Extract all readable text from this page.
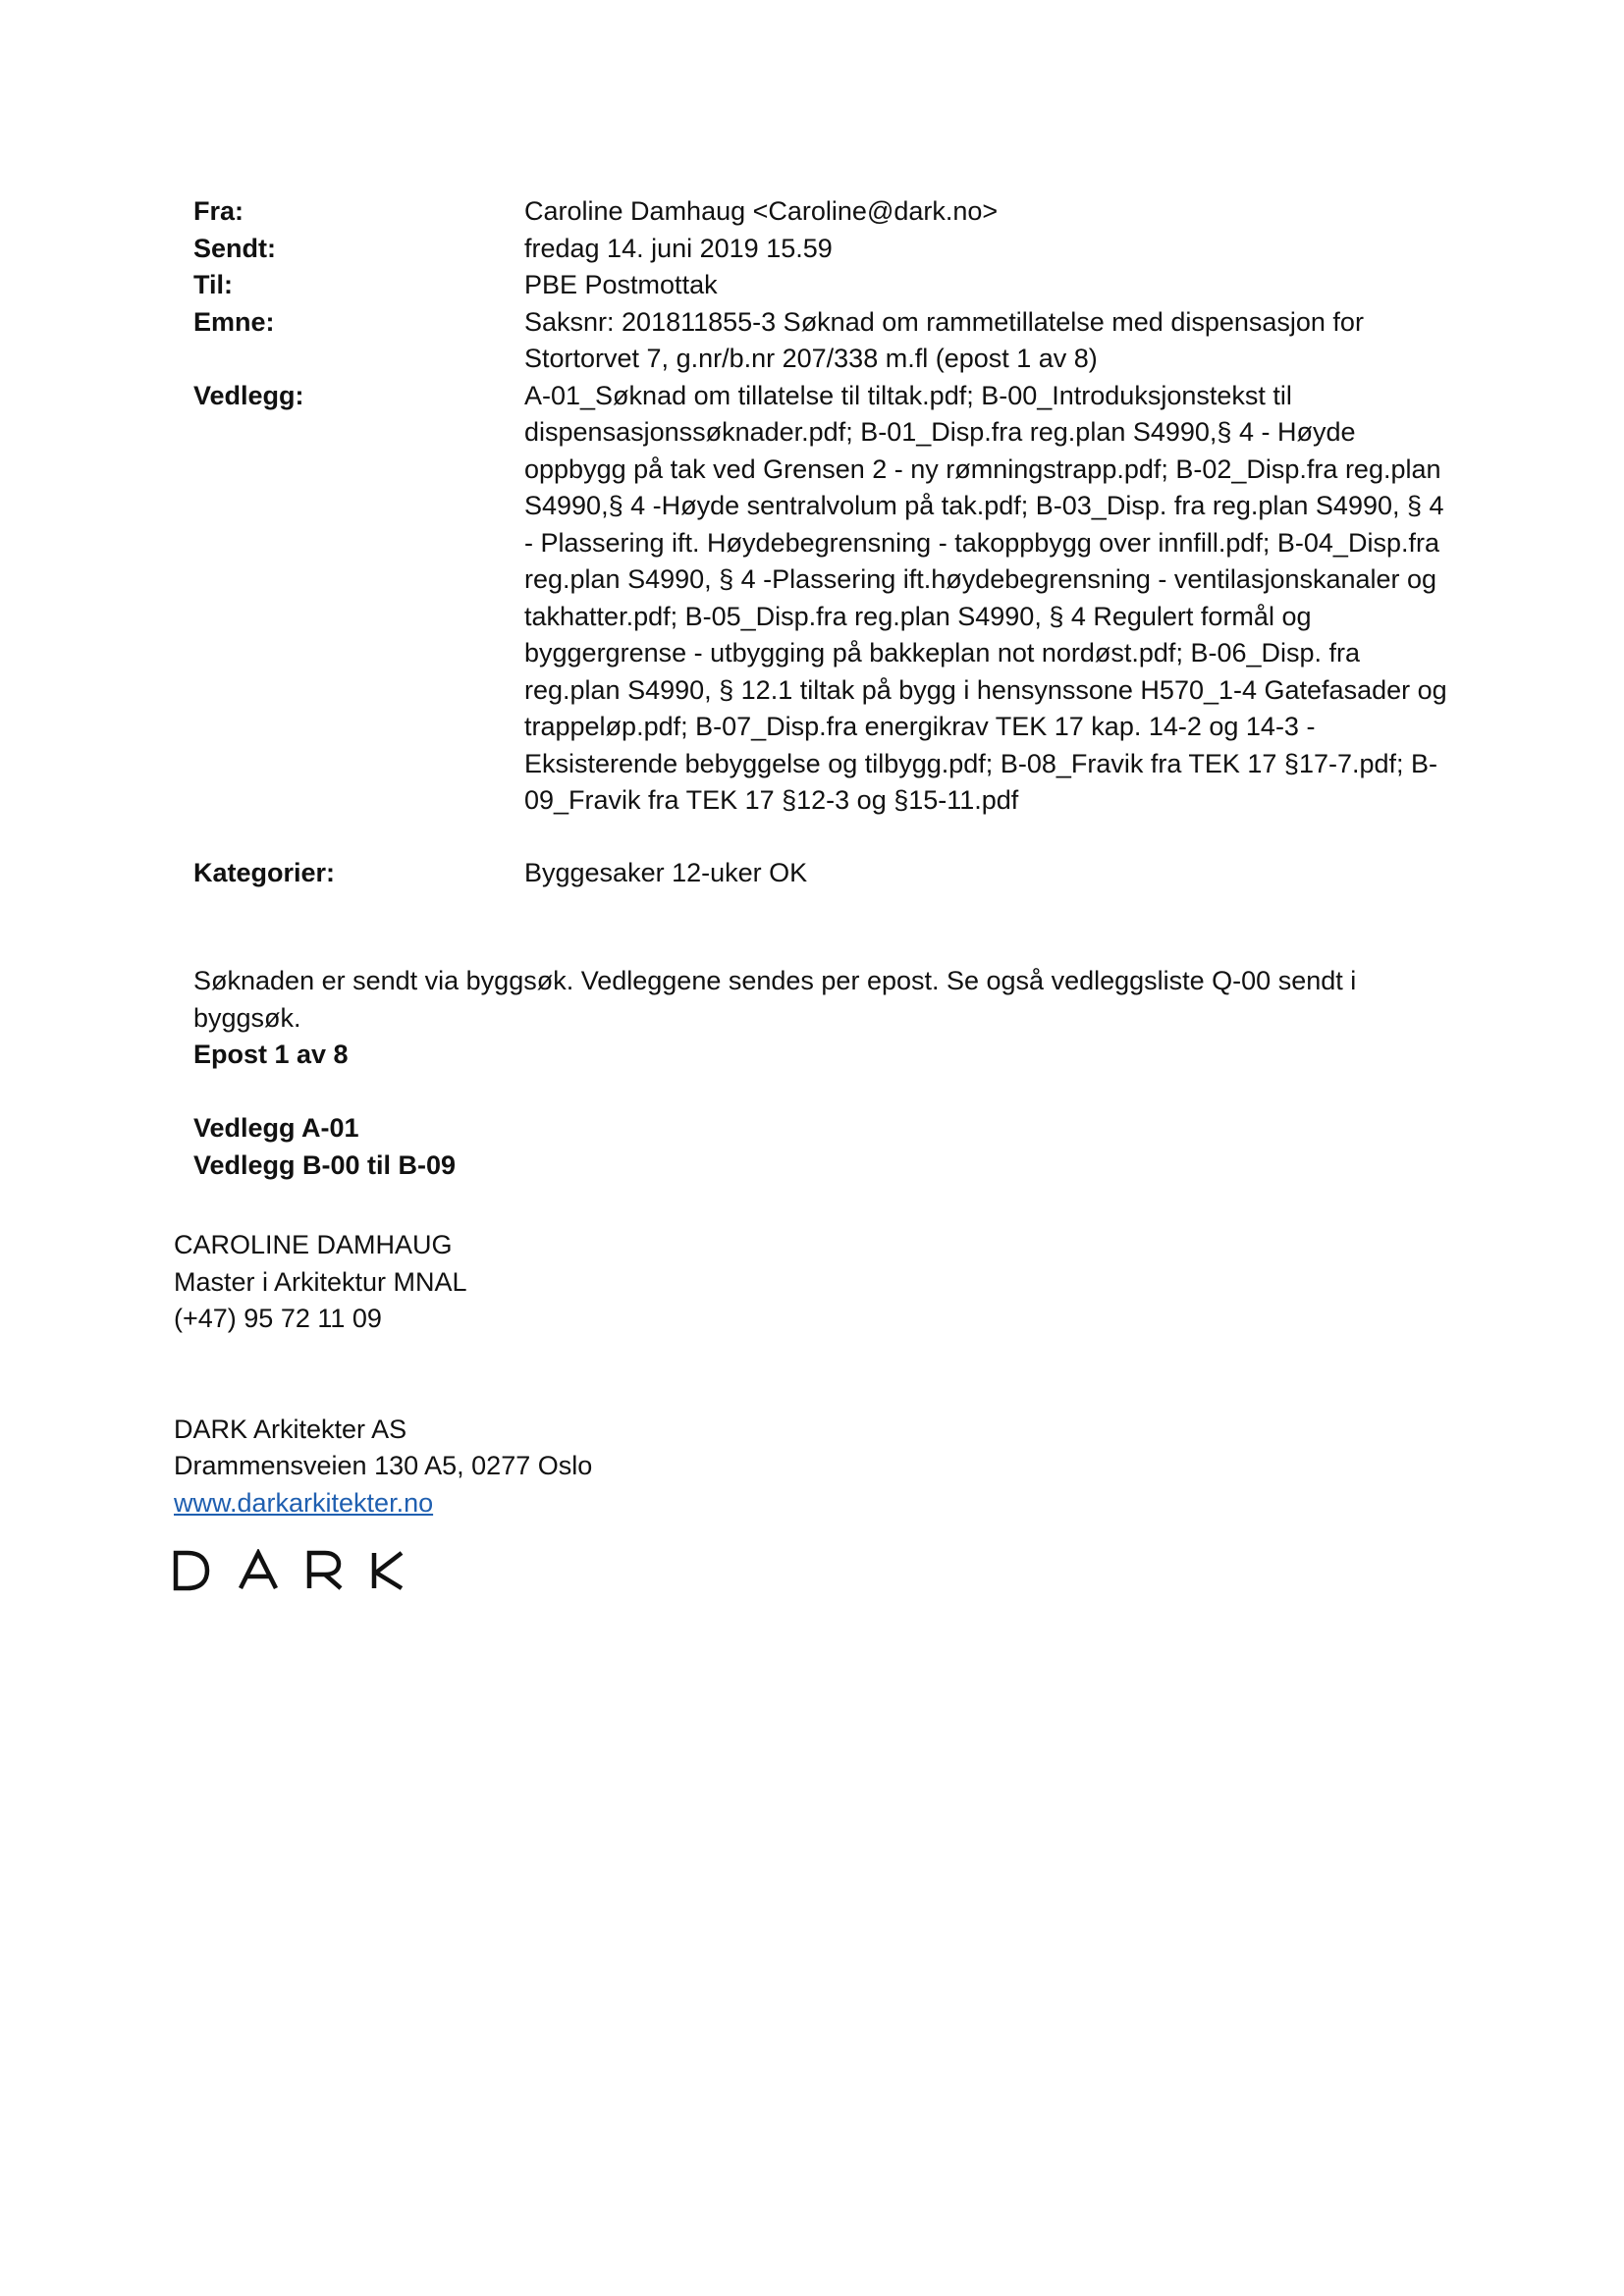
Fra:	Caroline Damhaug <Caroline@dark.no>
Sendt:	fredag 14. juni 2019 15.59
Til:	PBE Postmottak
Emne:	Saksnr: 201811855-3 Søknad om rammetillatelse med dispensasjon for Stortorvet 7, g.nr/b.nr 207/338 m.fl (epost 1 av 8)
Vedlegg:	A-01_Søknad om tillatelse til tiltak.pdf; B-00_Introduksjonstekst til dispensasjonssøknader.pdf; B-01_Disp.fra reg.plan S4990,§ 4 - Høyde oppbygg på tak ved Grensen 2 - ny rømningstrapp.pdf; B-02_Disp.fra reg.plan S4990,§ 4 -Høyde sentralvolum på tak.pdf; B-03_Disp. fra reg.plan S4990, § 4 - Plassering ift. Høydebegrensning - takoppbygg over innfill.pdf; B-04_Disp.fra reg.plan S4990, § 4 -Plassering ift.høydebegrensning - ventilasjonskanaler og takhatter.pdf; B-05_Disp.fra reg.plan S4990, § 4 Regulert formål og byggergrense - utbygging på bakkeplan not nordøst.pdf; B-06_Disp. fra reg.plan S4990, § 12.1 tiltak på bygg i hensynssone H570_1-4 Gatefasader og trappeløp.pdf; B-07_Disp.fra energikrav TEK 17 kap. 14-2 og 14-3 - Eksisterende bebyggelse og tilbygg.pdf; B-08_Fravik fra TEK 17 §17-7.pdf; B-09_Fravik fra TEK 17 §12-3 og §15-11.pdf
Kategorier:	Byggesaker 12-uker OK

Søknaden er sendt via byggsøk. Vedleggene sendes per epost. Se også vedleggsliste Q-00 sendt i byggsøk.

Epost 1 av 8

Vedlegg A-01

Vedlegg B-00 til B-09

CAROLINE DAMHAUG

Master i Arkitektur MNAL

(+47) 95 72 11 09

DARK Arkitekter AS

Drammensveien 130 A5, 0277 Oslo

www.darkarkitekter.no
